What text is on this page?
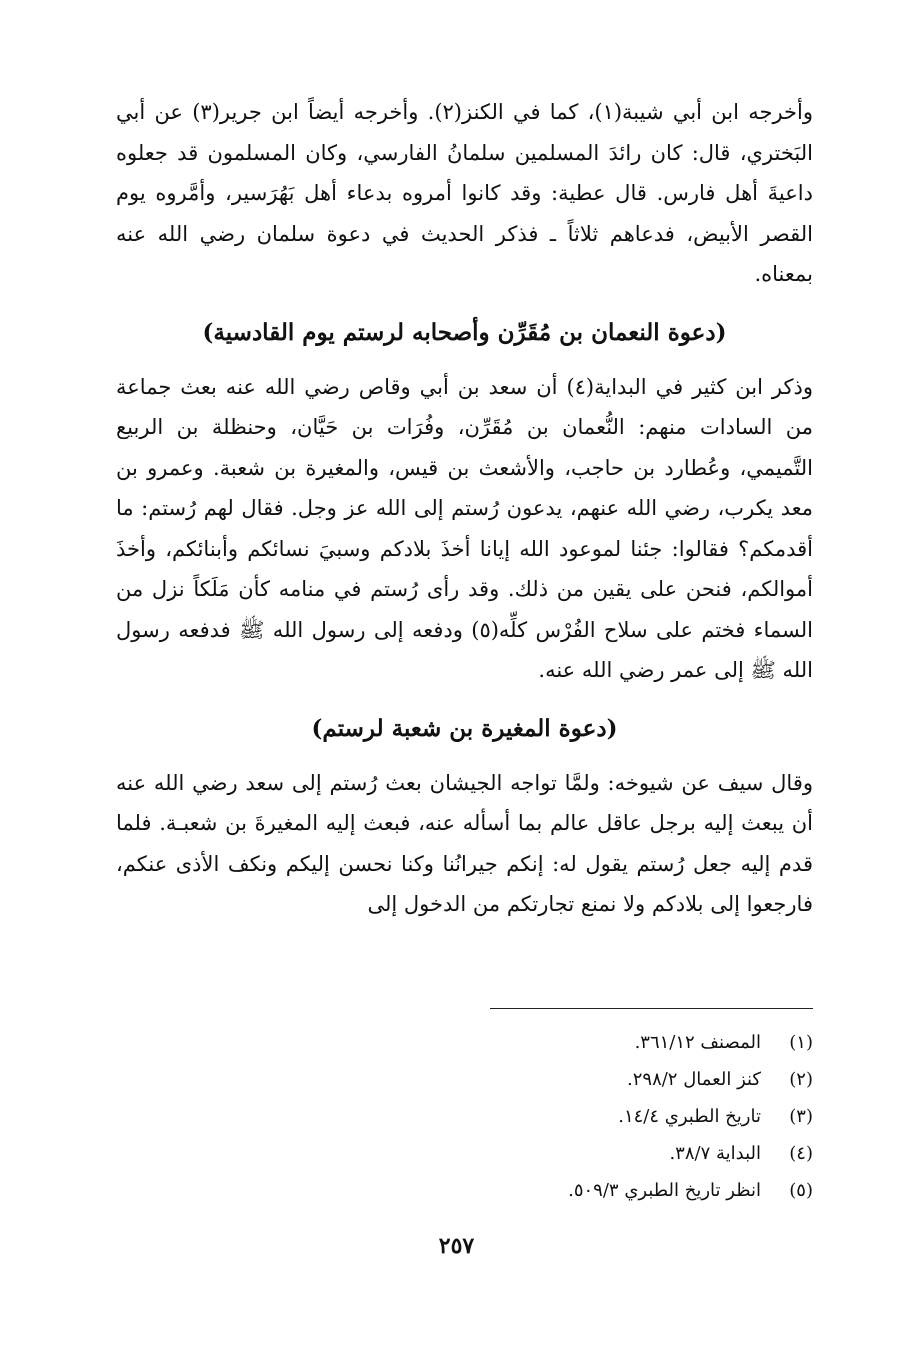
وأخرجه ابن أبي شيبة(١)، كما في الكنز(٢). وأخرجه أيضاً ابن جرير(٣) عن أبي البَختري، قال: كان رائدَ المسلمين سلمانُ الفارسي، وكان المسلمون قد جعلوه داعيةَ أهل فارس. قال عطية: وقد كانوا أمروه بدعاء أهل بَهُرَسير، وأمَّروه يوم القصر الأبيض، فدعاهم ثلاثاً ـ فذكر الحديث في دعوة سلمان رضي الله عنه بمعناه.

(دعوة النعمان بن مُقَرِّن وأصحابه لرستم يوم القادسية)

وذكر ابن كثير في البداية(٤) أن سعد بن أبي وقاص رضي الله عنه بعث جماعة من السادات منهم: النُّعمان بن مُقَرِّن، وفُرَات بن حَيَّان، وحنظلة بن الربيع التَّميمي، وعُطارد بن حاجب، والأشعث بن قيس، والمغيرة بن شعبة. وعمرو بن معد يكرب، رضي الله عنهم، يدعون رُستم إلى الله عز وجل. فقال لهم رُستم: ما أقدمكم؟ فقالوا: جئنا لموعود الله إيانا أخذَ بلادكم وسبيَ نسائكم وأبنائكم، وأخذَ أموالكم، فنحن على يقين من ذلك. وقد رأى رُستم في منامه كأن مَلَكاً نزل من السماء فختم على سلاح الفُرْس كلِّه(٥) ودفعه إلى رسول الله ﷺ فدفعه رسول الله ﷺ إلى عمر رضي الله عنه.

(دعوة المغيرة بن شعبة لرستم)

وقال سيف عن شيوخه: ولمَّا تواجه الجيشان بعث رُستم إلى سعد رضي الله عنه أن يبعث إليه برجل عاقل عالم بما أسأله عنه، فبعث إليه المغيرةَ بن شعبـة. فلما قدم إليه جعل رُستم يقول له: إنكم جيرانُنا وكنا نحسن إليكم ونكف الأذى عنكم، فارجعوا إلى بلادكم ولا نمنع تجارتكم من الدخول إلى

(١)
المصنف ٣٦١/١٢.
(٢)
كنز العمال ٢٩٨/٢.
(٣)
تاريخ الطبري ١٤/٤.
(٤)
البداية ٣٨/٧.
(٥)
انظر تاريخ الطبري ٥٠٩/٣.
٢٥٧
